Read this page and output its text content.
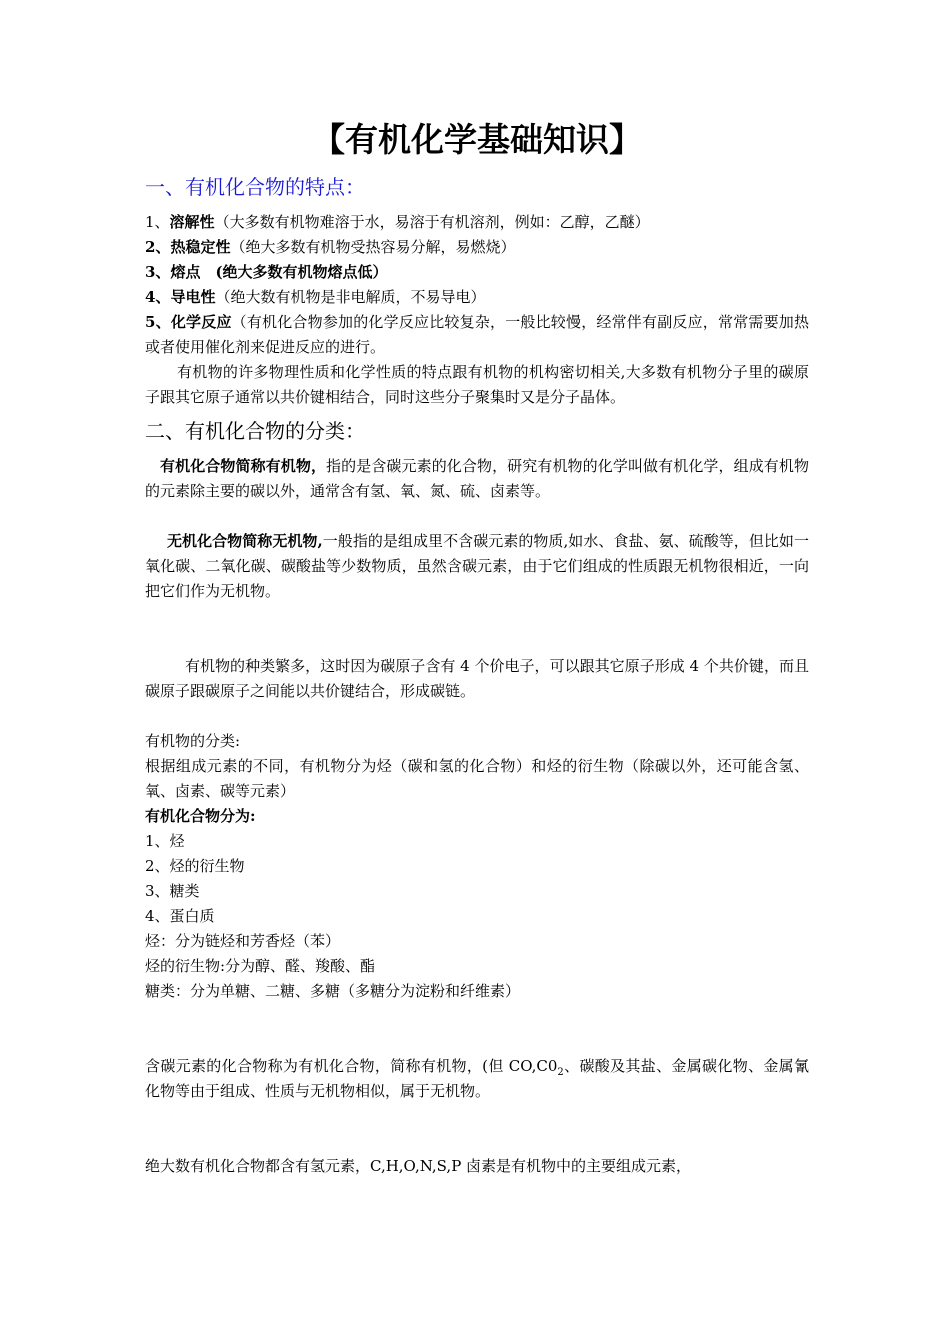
【有机化学基础知识】
一、有机化合物的特点：

1、溶解性（大多数有机物难溶于水，易溶于有机溶剂，例如：乙醇，乙醚）

2、热稳定性（绝大多数有机物受热容易分解，易燃烧）

3、熔点　(绝大多数有机物熔点低）

4、导电性（绝大数有机物是非电解质，不易导电）

5、化学反应（有机化合物参加的化学反应比较复杂，一般比较慢，经常伴有副反应，常常需要加热或者使用催化剂来促进反应的进行。

有机物的许多物理性质和化学性质的特点跟有机物的机构密切相关,大多数有机物分子里的碳原子跟其它原子通常以共价键相结合，同时这些分子聚集时又是分子晶体。

二、有机化合物的分类：

有机化合物简称有机物，指的是含碳元素的化合物，研究有机物的化学叫做有机化学，组成有机物的元素除主要的碳以外，通常含有氢、氧、氮、硫、卤素等。

无机化合物简称无机物,一般指的是组成里不含碳元素的物质,如水、食盐、氨、硫酸等，但比如一氧化碳、二氧化碳、碳酸盐等少数物质，虽然含碳元素，由于它们组成的性质跟无机物很相近，一向把它们作为无机物。

有机物的种类繁多，这时因为碳原子含有 4 个价电子，可以跟其它原子形成 4 个共价键，而且碳原子跟碳原子之间能以共价键结合，形成碳链。

有机物的分类:

根据组成元素的不同，有机物分为烃（碳和氢的化合物）和烃的衍生物（除碳以外，还可能含氢、氧、卤素、碳等元素）

有机化合物分为:

1、烃

2、烃的衍生物

3、糖类

4、蛋白质

烃：分为链烃和芳香烃（苯）

烃的衍生物:分为醇、醛、羧酸、酯

糖类：分为单糖、二糖、多糖（多糖分为淀粉和纤维素）

含碳元素的化合物称为有机化合物，简称有机物，(但 $CO,C0_2$、碳酸及其盐、金属碳化物、金属氰化物等由于组成、性质与无机物相似，属于无机物。

绝大数有机化合物都含有氢元素，C,H,O,N,S,P 卤素是有机物中的主要组成元素，
